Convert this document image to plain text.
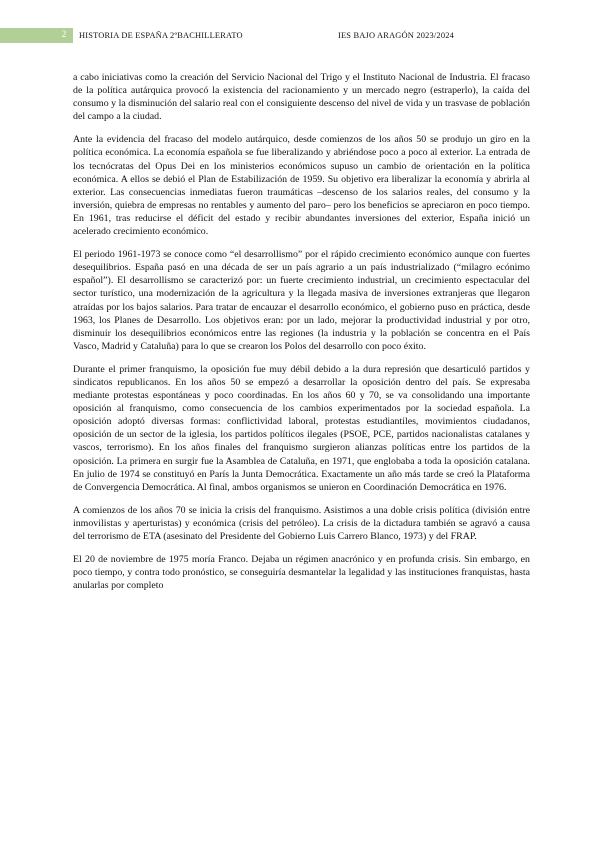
2	HISTORIA DE ESPAÑA 2ºBACHILLERATO	IES BAJO ARAGÓN 2023/2024

a cabo iniciativas como la creación del Servicio Nacional del Trigo y el Instituto Nacional de Industria. El fracaso de la política autárquica provocó la existencia del racionamiento y un mercado negro (estraperlo), la caída del consumo y la disminución del salario real con el consiguiente descenso del nivel de vida y un trasvase de población del campo a la ciudad.

Ante la evidencia del fracaso del modelo autárquico, desde comienzos de los años 50 se produjo un giro en la política económica. La economía española se fue liberalizando y abriéndose poco a poco al exterior. La entrada de los tecnócratas del Opus Dei en los ministerios económicos supuso un cambio de orientación en la política económica. A ellos se debió el Plan de Estabilización de 1959. Su objetivo era liberalizar la economía y abrirla al exterior. Las consecuencias inmediatas fueron traumáticas –descenso de los salarios reales, del consumo y la inversión, quiebra de empresas no rentables y aumento del paro– pero los beneficios se apreciaron en poco tiempo. En 1961, tras reducirse el déficit del estado y recibir abundantes inversiones del exterior, España inició un acelerado crecimiento económico.

El periodo 1961-1973 se conoce como “el desarrollismo” por el rápido crecimiento económico aunque con fuertes desequilibrios. España pasó en una década de ser un país agrario a un país industrializado (“milagro ecónimo español”). El desarrollismo se caracterizó por: un fuerte crecimiento industrial, un crecimiento espectacular del sector turístico, una modernización de la agricultura y la llegada masiva de inversiones extranjeras que llegaron atraídas por los bajos salarios. Para tratar de encauzar el desarrollo económico, el gobierno puso en práctica, desde 1963, los Planes de Desarrollo. Los objetivos eran: por un lado, mejorar la productividad industrial y por otro, disminuir los desequilibrios económicos entre las regiones (la industria y la población se concentra en el País Vasco, Madrid y Cataluña) para lo que se crearon los Polos del desarrollo con poco éxito.

Durante el primer franquismo, la oposición fue muy débil debido a la dura represión que desarticuló partidos y sindicatos republicanos. En los años 50 se empezó a desarrollar la oposición dentro del país. Se expresaba mediante protestas espontáneas y poco coordinadas. En los años 60 y 70, se va consolidando una importante oposición al franquismo, como consecuencia de los cambios experimentados por la sociedad española. La oposición adoptó diversas formas: conflictividad laboral, protestas estudiantiles, movimientos ciudadanos, oposición de un sector de la iglesia, los partidos políticos ilegales (PSOE, PCE, partidos nacionalistas catalanes y vascos, terrorismo). En los años finales del franquismo surgieron alianzas políticas entre los partidos de la oposición. La primera en surgir fue la Asamblea de Cataluña, en 1971, que englobaba a toda la oposición catalana. En julio de 1974 se constituyó en París la Junta Democrática. Exactamente un año más tarde se creó la Plataforma de Convergencia Democrática. Al final, ambos organismos se unieron en Coordinación Democrática en 1976.

A comienzos de los años 70 se inicia la crisis del franquismo. Asistimos a una doble crisis política (división entre inmovilistas y aperturistas) y económica (crisis del petróleo). La crisis de la dictadura también se agravó a causa del terrorismo de ETA (asesinato del Presidente del Gobierno Luis Carrero Blanco, 1973) y del FRAP.

El 20 de noviembre de 1975 moría Franco. Dejaba un régimen anacrónico y en profunda crisis. Sin embargo, en poco tiempo, y contra todo pronóstico, se conseguiría desmantelar la legalidad y las instituciones franquistas, hasta anularlas por completo
